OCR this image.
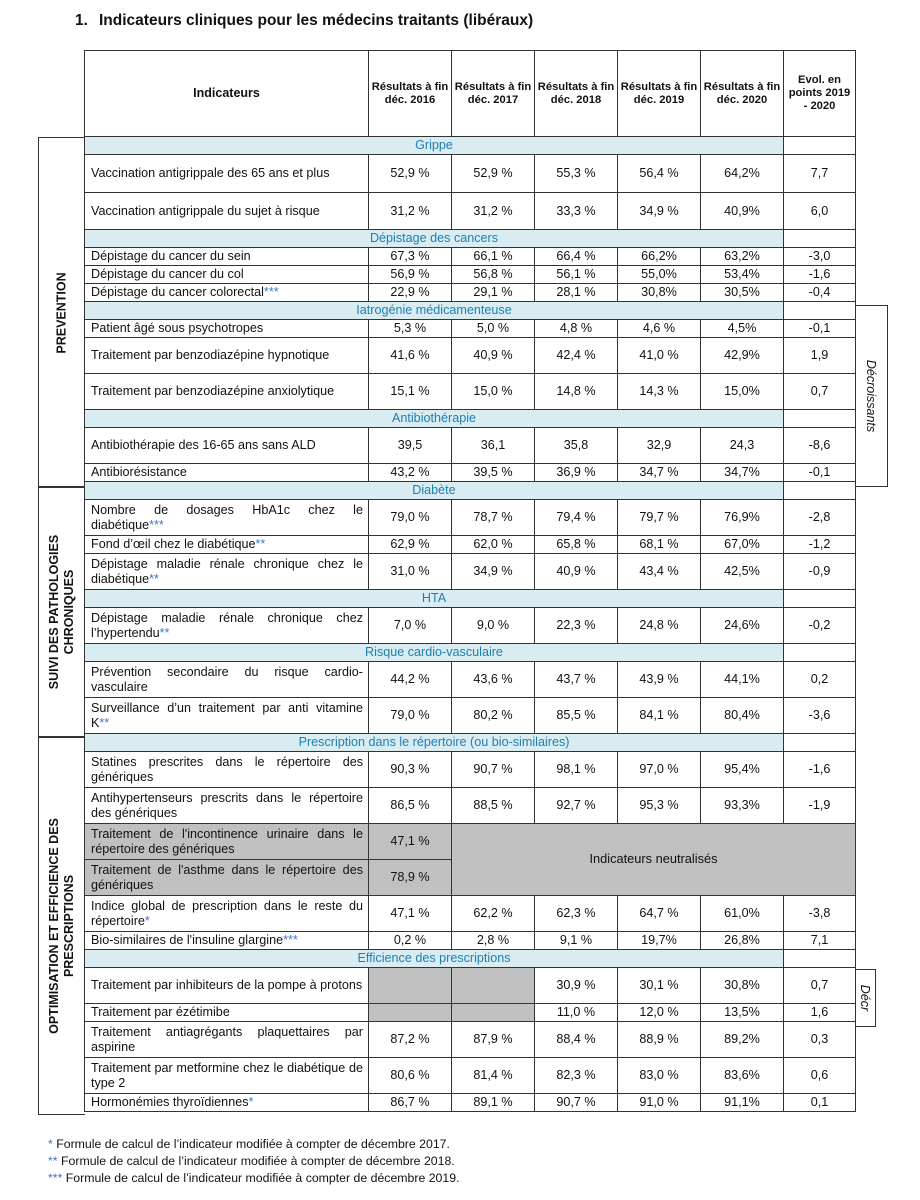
1. Indicateurs cliniques pour les médecins traitants (libéraux)
PREVENTION
SUIVI DES PATHOLOGIES
CHRONIQUES
OPTIMISATION ET EFFICIENCE DES
PRESCRIPTIONS
Décroissants
Décr
Indicateurs	Résultats à fin déc. 2016	Résultats à fin déc. 2017	Résultats à fin déc. 2018	Résultats à fin déc. 2019	Résultats à fin déc. 2020	Evol. en points 2019 - 2020
Grippe						
Vaccination antigrippale des 65 ans et plus	52,9 %	52,9 %	55,3 %	56,4 %	64,2%	7,7
Vaccination antigrippale du sujet à risque	31,2 %	31,2 %	33,3 %	34,9 %	40,9%	6,0
Dépistage des cancers						
Dépistage du cancer du sein	67,3 %	66,1 %	66,4 %	66,2%	63,2%	-3,0
Dépistage du cancer du col	56,9 %	56,8 %	56,1 %	55,0%	53,4%	-1,6
Dépistage du cancer colorectal***	22,9 %	29,1 %	28,1 %	30,8%	30,5%	-0,4
Iatrogénie médicamenteuse						
Patient âgé sous psychotropes	5,3 %	5,0 %	4,8 %	4,6 %	4,5%	-0,1
Traitement par benzodiazépine hypnotique	41,6 %	40,9 %	42,4 %	41,0 %	42,9%	1,9
Traitement par benzodiazépine anxiolytique	15,1 %	15,0 %	14,8 %	14,3 %	15,0%	0,7
Antibiothérapie						
Antibiothérapie des 16-65 ans sans ALD	39,5	36,1	35,8	32,9	24,3	-8,6
Antibiorésistance	43,2 %	39,5 %	36,9 %	34,7 %	34,7%	-0,1
Diabète						
Nombre de dosages HbA1c chez le diabétique***	79,0 %	78,7 %	79,4 %	79,7 %	76,9%	-2,8
Fond d’œil chez le diabétique**	62,9 %	62,0 %	65,8 %	68,1 %	67,0%	-1,2
Dépistage maladie rénale chronique chez le diabétique**	31,0 %	34,9 %	40,9 %	43,4 %	42,5%	-0,9
HTA						
Dépistage maladie rénale chronique chez l’hypertendu**	7,0 %	9,0 %	22,3 %	24,8 %	24,6%	-0,2
Risque cardio-vasculaire						
Prévention secondaire du risque cardio-vasculaire	44,2 %	43,6 %	43,7 %	43,9 %	44,1%	0,2
Surveillance d’un traitement par anti vitamine K**	79,0 %	80,2 %	85,5 %	84,1 %	80,4%	-3,6
Prescription dans le répertoire (ou bio-similaires)						
Statines prescrites dans le répertoire des génériques	90,3 %	90,7 %	98,1 %	97,0 %	95,4%	-1,6
Antihypertenseurs prescrits dans le répertoire des génériques	86,5 %	88,5 %	92,7 %	95,3 %	93,3%	-1,9
Traitement de l'incontinence urinaire dans le répertoire des génériques	47,1 %	Indicateurs neutralisés				
Traitement de l'asthme dans le répertoire des génériques	78,9 %					
Indice global de prescription dans le reste du répertoire*	47,1 %	62,2 %	62,3 %	64,7 %	61,0%	-3,8
Bio-similaires de l'insuline glargine***	0,2 %	2,8 %	9,1 %	19,7%	26,8%	7,1
Efficience des prescriptions						
Traitement par inhibiteurs de la pompe à protons			30,9 %	30,1 %	30,8%	0,7
Traitement par ézétimibe			11,0 %	12,0 %	13,5%	1,6
Traitement antiagrégants plaquettaires par aspirine	87,2 %	87,9 %	88,4 %	88,9 %	89,2%	0,3
Traitement par metformine chez le diabétique de type 2	80,6 %	81,4 %	82,3 %	83,0 %	83,6%	0,6
Hormonémies thyroïdiennes*	86,7 %	89,1 %	90,7 %	91,0 %	91,1%	0,1
* Formule de calcul de l’indicateur modifiée à compter de décembre 2017.
** Formule de calcul de l’indicateur modifiée à compter de décembre 2018.
*** Formule de calcul de l’indicateur modifiée à compter de décembre 2019.
